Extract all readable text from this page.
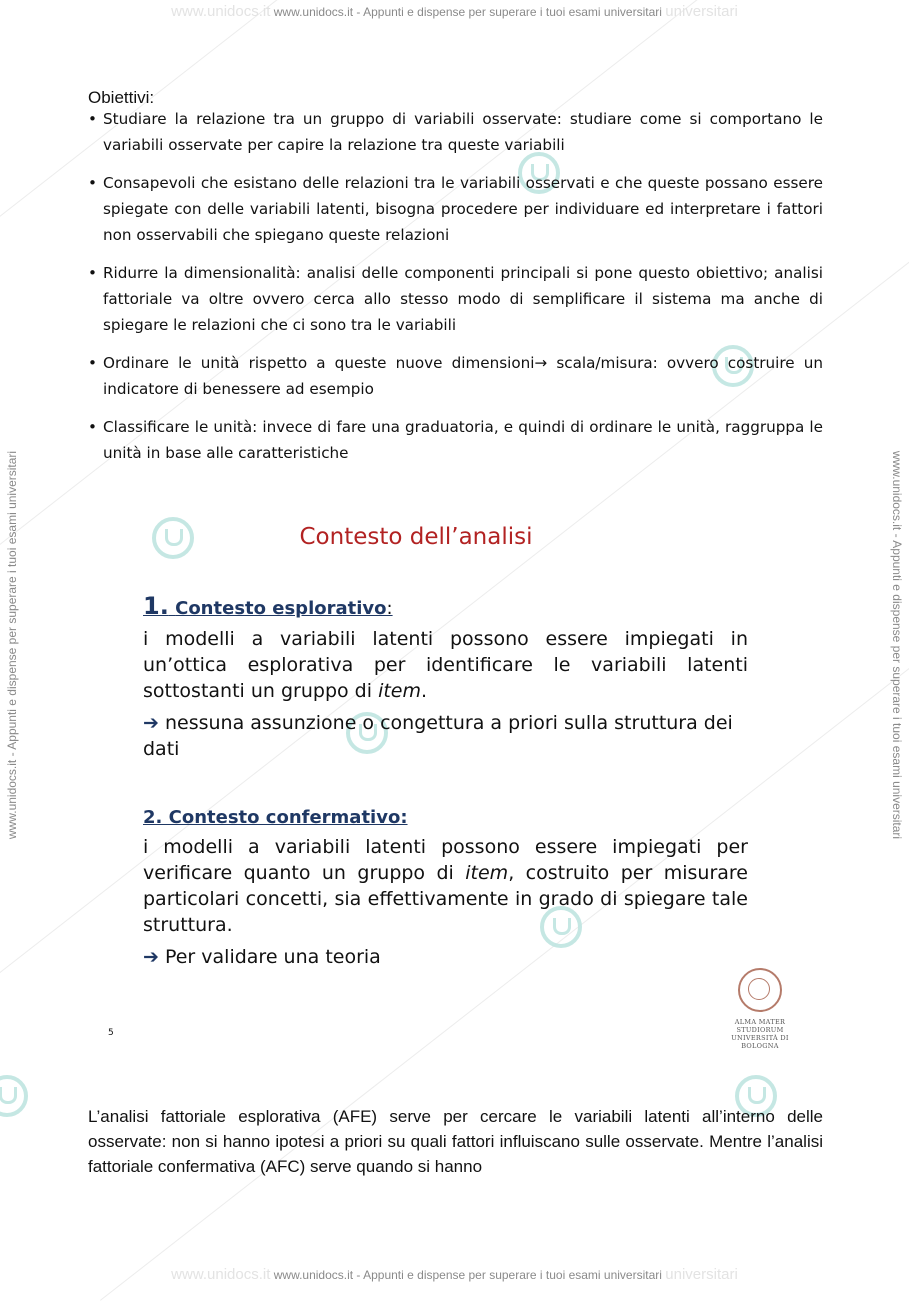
www.unidocs.it www.unidocs.it - Appunti e dispense per superare i tuoi esami universitari universitari
www.unidocs.it - Appunti e dispense per superare i tuoi esami universitari	www.unidocs.it - Appunti e dispense per superare i tuoi esami universitari
Obiettivi:
• Studiare la relazione tra un gruppo di variabili osservate: studiare come si comportano le variabili osservate per capire la relazione tra queste variabili
• Consapevoli che esistano delle relazioni tra le variabili osservati e che queste possano essere spiegate con delle variabili latenti, bisogna procedere per individuare ed interpretare i fattori non osservabili che spiegano queste relazioni
• Ridurre la dimensionalità: analisi delle componenti principali si pone questo obiettivo; analisi fattoriale va oltre ovvero cerca allo stesso modo di semplificare il sistema ma anche di spiegare le relazioni che ci sono tra le variabili
• Ordinare le unità rispetto a queste nuove dimensioni→ scala/misura: ovvero costruire un indicatore di benessere ad esempio
• Classificare le unità: invece di fare una graduatoria, e quindi di ordinare le unità, raggruppa le unità in base alle caratteristiche
Contesto dell’analisi

1. Contesto esplorativo:

i modelli a variabili latenti possono essere impiegati in un’ottica esplorativa per identificare le variabili latenti sottostanti un gruppo di item.

➔ nessuna assunzione o congettura a priori sulla struttura dei dati

2. Contesto confermativo:

i modelli a variabili latenti possono essere impiegati per verificare quanto un gruppo di item, costruito per misurare particolari concetti, sia effettivamente in grado di spiegare tale struttura.

➔ Per validare una teoria

5
ALMA MATER STUDIORUM
UNIVERSITÀ DI BOLOGNA

L’analisi fattoriale esplorativa (AFE) serve per cercare le variabili latenti all’interno delle osservate: non si hanno ipotesi a priori su quali fattori influiscano sulle osservate. Mentre l’analisi fattoriale confermativa (AFC) serve quando si hanno

www.unidocs.it www.unidocs.it - Appunti e dispense per superare i tuoi esami universitari universitari
